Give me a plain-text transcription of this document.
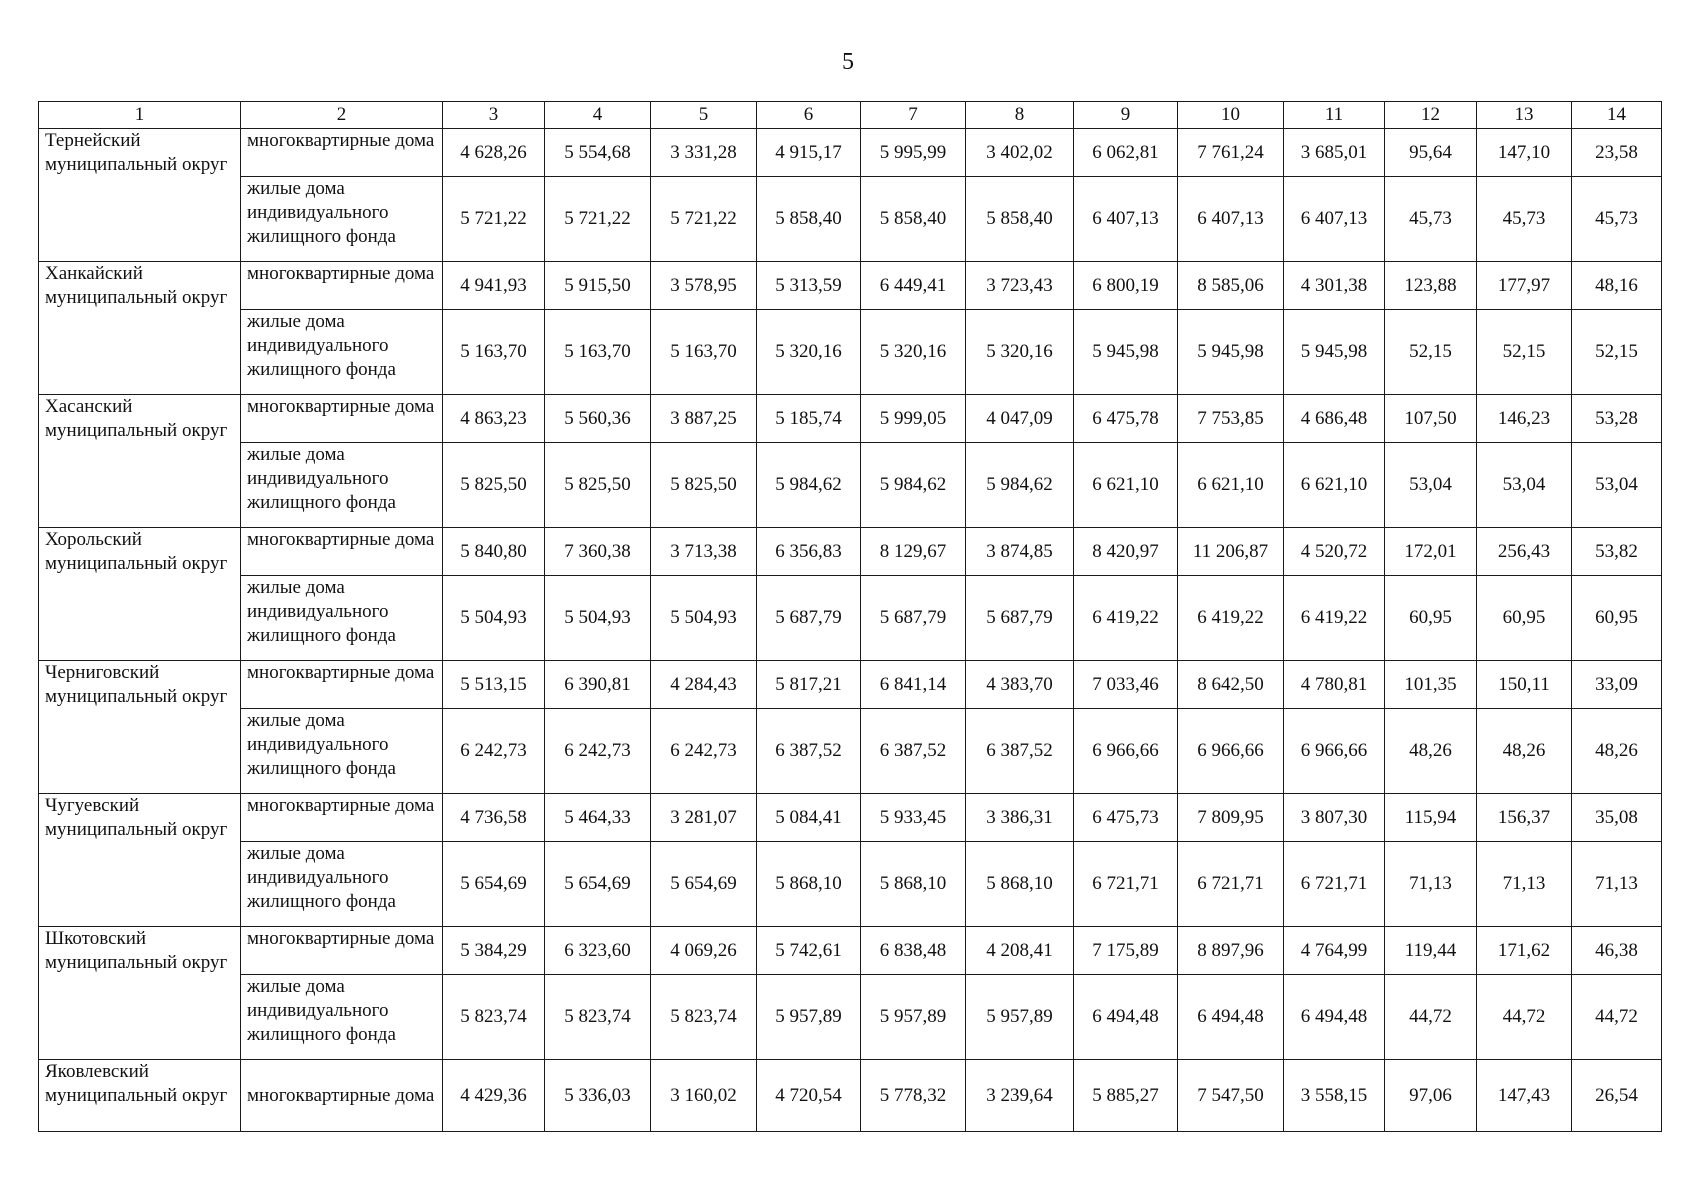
5
1	2	3	4	5	6	7	8	9	10	11	12	13	14
Тернейский муниципальный округ	многоквартирные дома	4 628,26	5 554,68	3 331,28	4 915,17	5 995,99	3 402,02	6 062,81	7 761,24	3 685,01	95,64	147,10	23,58
	жилые дома индивидуального жилищного фонда	5 721,22	5 721,22	5 721,22	5 858,40	5 858,40	5 858,40	6 407,13	6 407,13	6 407,13	45,73	45,73	45,73
Ханкайский муниципальный округ	многоквартирные дома	4 941,93	5 915,50	3 578,95	5 313,59	6 449,41	3 723,43	6 800,19	8 585,06	4 301,38	123,88	177,97	48,16
	жилые дома индивидуального жилищного фонда	5 163,70	5 163,70	5 163,70	5 320,16	5 320,16	5 320,16	5 945,98	5 945,98	5 945,98	52,15	52,15	52,15
Хасанский муниципальный округ	многоквартирные дома	4 863,23	5 560,36	3 887,25	5 185,74	5 999,05	4 047,09	6 475,78	7 753,85	4 686,48	107,50	146,23	53,28
	жилые дома индивидуального жилищного фонда	5 825,50	5 825,50	5 825,50	5 984,62	5 984,62	5 984,62	6 621,10	6 621,10	6 621,10	53,04	53,04	53,04
Хорольский муниципальный округ	многоквартирные дома	5 840,80	7 360,38	3 713,38	6 356,83	8 129,67	3 874,85	8 420,97	11 206,87	4 520,72	172,01	256,43	53,82
	жилые дома индивидуального жилищного фонда	5 504,93	5 504,93	5 504,93	5 687,79	5 687,79	5 687,79	6 419,22	6 419,22	6 419,22	60,95	60,95	60,95
Черниговский муниципальный округ	многоквартирные дома	5 513,15	6 390,81	4 284,43	5 817,21	6 841,14	4 383,70	7 033,46	8 642,50	4 780,81	101,35	150,11	33,09
	жилые дома индивидуального жилищного фонда	6 242,73	6 242,73	6 242,73	6 387,52	6 387,52	6 387,52	6 966,66	6 966,66	6 966,66	48,26	48,26	48,26
Чугуевский муниципальный округ	многоквартирные дома	4 736,58	5 464,33	3 281,07	5 084,41	5 933,45	3 386,31	6 475,73	7 809,95	3 807,30	115,94	156,37	35,08
	жилые дома индивидуального жилищного фонда	5 654,69	5 654,69	5 654,69	5 868,10	5 868,10	5 868,10	6 721,71	6 721,71	6 721,71	71,13	71,13	71,13
Шкотовский муниципальный округ	многоквартирные дома	5 384,29	6 323,60	4 069,26	5 742,61	6 838,48	4 208,41	7 175,89	8 897,96	4 764,99	119,44	171,62	46,38
	жилые дома индивидуального жилищного фонда	5 823,74	5 823,74	5 823,74	5 957,89	5 957,89	5 957,89	6 494,48	6 494,48	6 494,48	44,72	44,72	44,72
Яковлевский муниципальный округ	многоквартирные дома	4 429,36	5 336,03	3 160,02	4 720,54	5 778,32	3 239,64	5 885,27	7 547,50	3 558,15	97,06	147,43	26,54
